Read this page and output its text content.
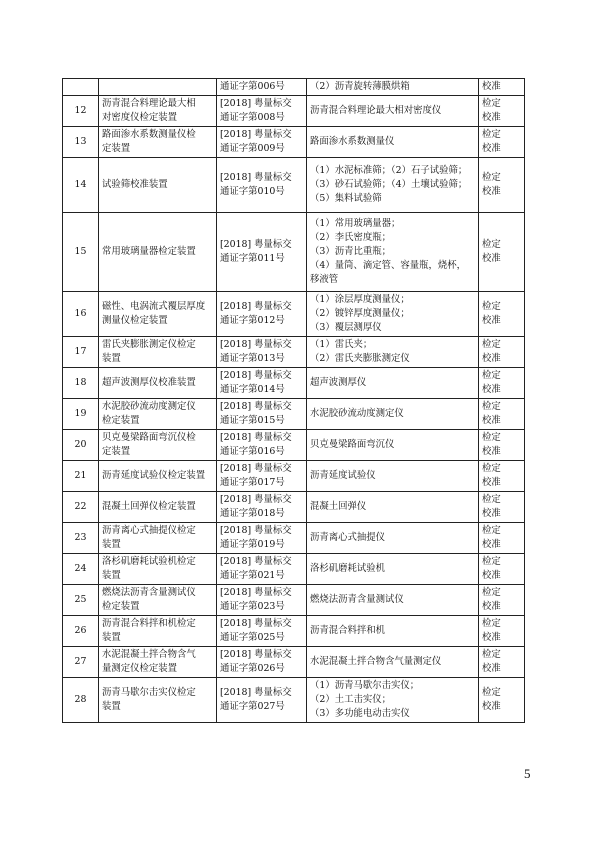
		通证字第006号	（2）沥青旋转薄膜烘箱	校准

12	沥青混合料理论最大相
对密度仪检定装置	[2018] 粤量标交
通证字第008号	沥青混合料理论最大相对密度仪	检定
校准

13	路面渗水系数测量仪检
定装置	[2018] 粤量标交
通证字第009号	路面渗水系数测量仪	检定
校准

14	试验筛校准装置	[2018] 粤量标交
通证字第010号	（1）水泥标准筛；（2）石子试验筛；
（3）砂石试验筛；（4）土壤试验筛；
（5）集料试验筛	检定
校准

15	常用玻璃量器检定装置	[2018] 粤量标交
通证字第011号	（1）常用玻璃量器；
（2）李氏密度瓶；
（3）沥青比重瓶；
（4）量筒、滴定管、容量瓶，烧杯，
移液管	检定
校准

16	磁性、电涡流式覆层厚度
测量仪检定装置	[2018] 粤量标交
通证字第012号	（1）涂层厚度测量仪；
（2）镀锌厚度测量仪；
（3）覆层测厚仪	检定
校准

17	雷氏夹膨胀测定仪检定
装置	[2018] 粤量标交
通证字第013号	（1）雷氏夹；
（2）雷氏夹膨胀测定仪	检定
校准

18	超声波测厚仪校准装置	[2018] 粤量标交
通证字第014号	超声波测厚仪	检定
校准

19	水泥胶砂流动度测定仪
检定装置	[2018] 粤量标交
通证字第015号	水泥胶砂流动度测定仪	检定
校准

20	贝克曼梁路面弯沉仪检
定装置	[2018] 粤量标交
通证字第016号	贝克曼梁路面弯沉仪	检定
校准

21	沥青延度试验仪检定装置	[2018] 粤量标交
通证字第017号	沥青延度试验仪	检定
校准

22	混凝土回弹仪检定装置	[2018] 粤量标交
通证字第018号	混凝土回弹仪	检定
校准

23	沥青离心式抽提仪检定
装置	[2018] 粤量标交
通证字第019号	沥青离心式抽提仪	检定
校准

24	洛杉矶磨耗试验机检定
装置	[2018] 粤量标交
通证字第021号	洛杉矶磨耗试验机	检定
校准

25	燃烧法沥青含量测试仪
检定装置	[2018] 粤量标交
通证字第023号	燃烧法沥青含量测试仪	检定
校准

26	沥青混合料拌和机检定
装置	[2018] 粤量标交
通证字第025号	沥青混合料拌和机	检定
校准

27	水泥混凝土拌合物含气
量测定仪检定装置	[2018] 粤量标交
通证字第026号	水泥混凝土拌合物含气量测定仪	检定
校准

28	沥青马歇尔击实仪检定
装置	[2018] 粤量标交
通证字第027号	（1）沥青马歇尔击实仪；
（2）土工击实仪；
（3）多功能电动击实仪	检定
校准
5
